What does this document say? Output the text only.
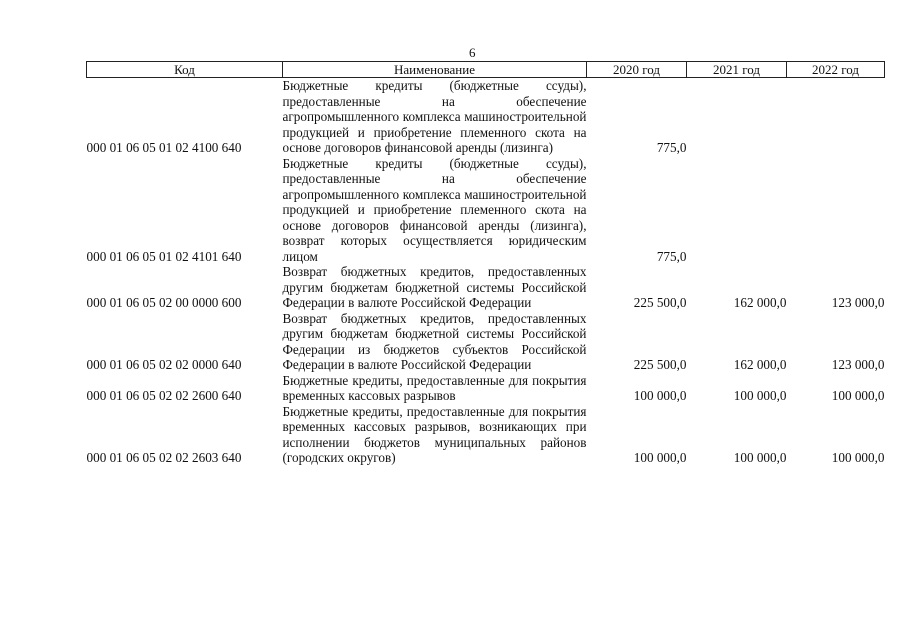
6
Код	Наименование	2020 год	2021 год	2022 год
000 01 06 05 01 02 4100 640	Бюджетные кредиты (бюджетные ссуды), предоставленные на обеспечение агропромышленного комплекса машиностроительной продукцией и приобретение племенного скота на основе договоров финансовой аренды (лизинга)	775,0		
000 01 06 05 01 02 4101 640	Бюджетные кредиты (бюджетные ссуды), предоставленные на обеспечение агропромышленного комплекса машиностроительной продукцией и приобретение племенного скота на основе договоров финансовой аренды (лизинга), возврат которых осуществляется юридическим лицом	775,0		
000 01 06 05 02 00 0000 600	Возврат бюджетных кредитов, предоставленных другим бюджетам бюджетной системы Российской Федерации в валюте Российской Федерации	225 500,0	162 000,0	123 000,0
000 01 06 05 02 02 0000 640	Возврат бюджетных кредитов, предоставленных другим бюджетам бюджетной системы Российской Федерации из бюджетов субъектов Российской Федерации в валюте Российской Федерации	225 500,0	162 000,0	123 000,0
000 01 06 05 02 02 2600 640	Бюджетные кредиты, предоставленные для покрытия временных кассовых разрывов	100 000,0	100 000,0	100 000,0
000 01 06 05 02 02 2603 640	Бюджетные кредиты, предоставленные для покрытия временных кассовых разрывов, возникающих при исполнении бюджетов муниципальных районов (городских округов)	100 000,0	100 000,0	100 000,0
